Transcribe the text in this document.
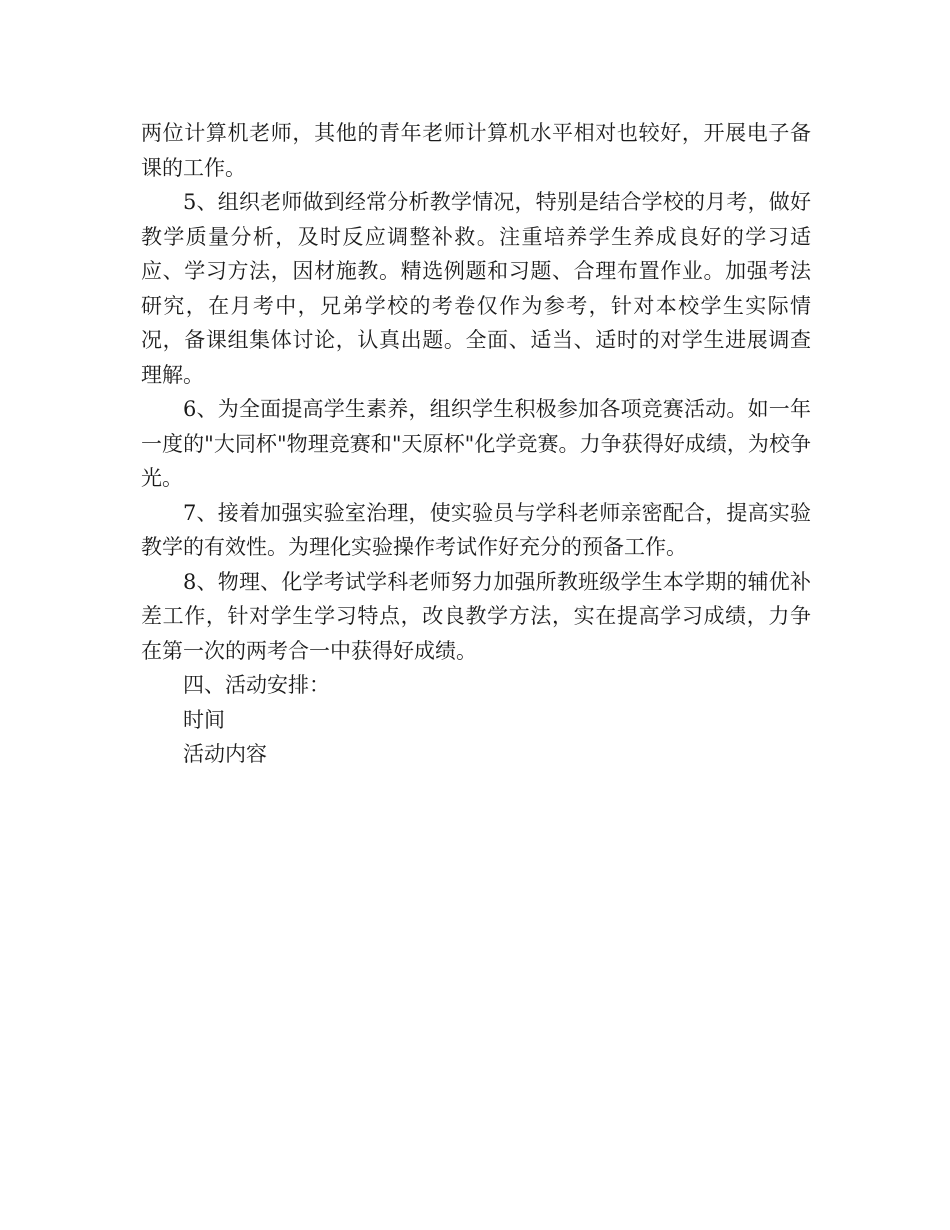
两位计算机老师，其他的青年老师计算机水平相对也较好，开展电子备课的工作。

5、组织老师做到经常分析教学情况，特别是结合学校的月考，做好教学质量分析，及时反应调整补救。注重培养学生养成良好的学习适应、学习方法，因材施教。精选例题和习题、合理布置作业。加强考法研究，在月考中，兄弟学校的考卷仅作为参考，针对本校学生实际情况，备课组集体讨论，认真出题。全面、适当、适时的对学生进展调查理解。

6、为全面提高学生素养，组织学生积极参加各项竞赛活动。如一年一度的"大同杯"物理竞赛和"天原杯"化学竞赛。力争获得好成绩，为校争光。

7、接着加强实验室治理，使实验员与学科老师亲密配合，提高实验教学的有效性。为理化实验操作考试作好充分的预备工作。

8、物理、化学考试学科老师努力加强所教班级学生本学期的辅优补差工作，针对学生学习特点，改良教学方法，实在提高学习成绩，力争在第一次的两考合一中获得好成绩。

四、活动安排：

时间

活动内容
